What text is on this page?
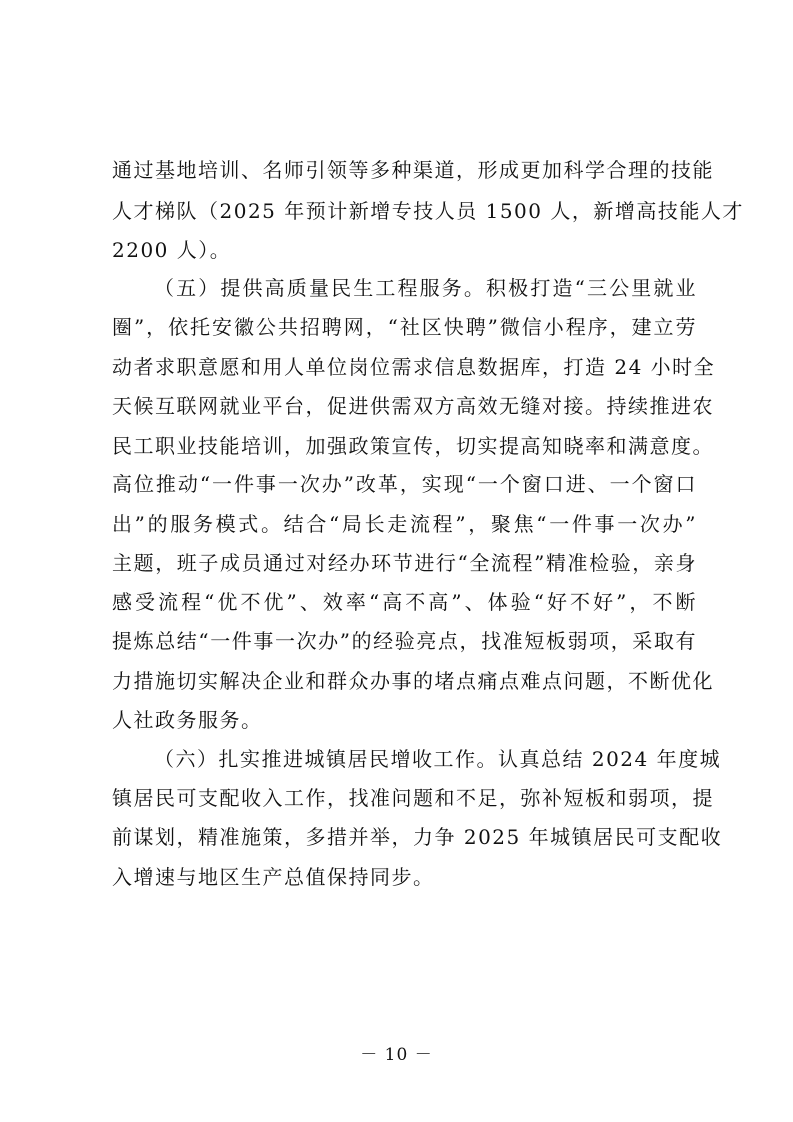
通过基地培训、名师引领等多种渠道，形成更加科学合理的技能
人才梯队（2025 年预计新增专技人员 1500 人，新增高技能人才
2200 人）。
（五）提供高质量民生工程服务。积极打造“三公里就业
圈”，依托安徽公共招聘网，“社区快聘”微信小程序，建立劳
动者求职意愿和用人单位岗位需求信息数据库，打造 24 小时全
天候互联网就业平台，促进供需双方高效无缝对接。持续推进农
民工职业技能培训，加强政策宣传，切实提高知晓率和满意度。
高位推动“一件事一次办”改革，实现“一个窗口进、一个窗口
出”的服务模式。结合“局长走流程”，聚焦“一件事一次办”
主题，班子成员通过对经办环节进行“全流程”精准检验，亲身
感受流程“优不优”、效率“高不高”、体验“好不好”，不断
提炼总结“一件事一次办”的经验亮点，找准短板弱项，采取有
力措施切实解决企业和群众办事的堵点痛点难点问题，不断优化
人社政务服务。
（六）扎实推进城镇居民增收工作。认真总结 2024 年度城
镇居民可支配收入工作，找准问题和不足，弥补短板和弱项，提
前谋划，精准施策，多措并举，力争 2025 年城镇居民可支配收
入增速与地区生产总值保持同步。
－ 10 －
